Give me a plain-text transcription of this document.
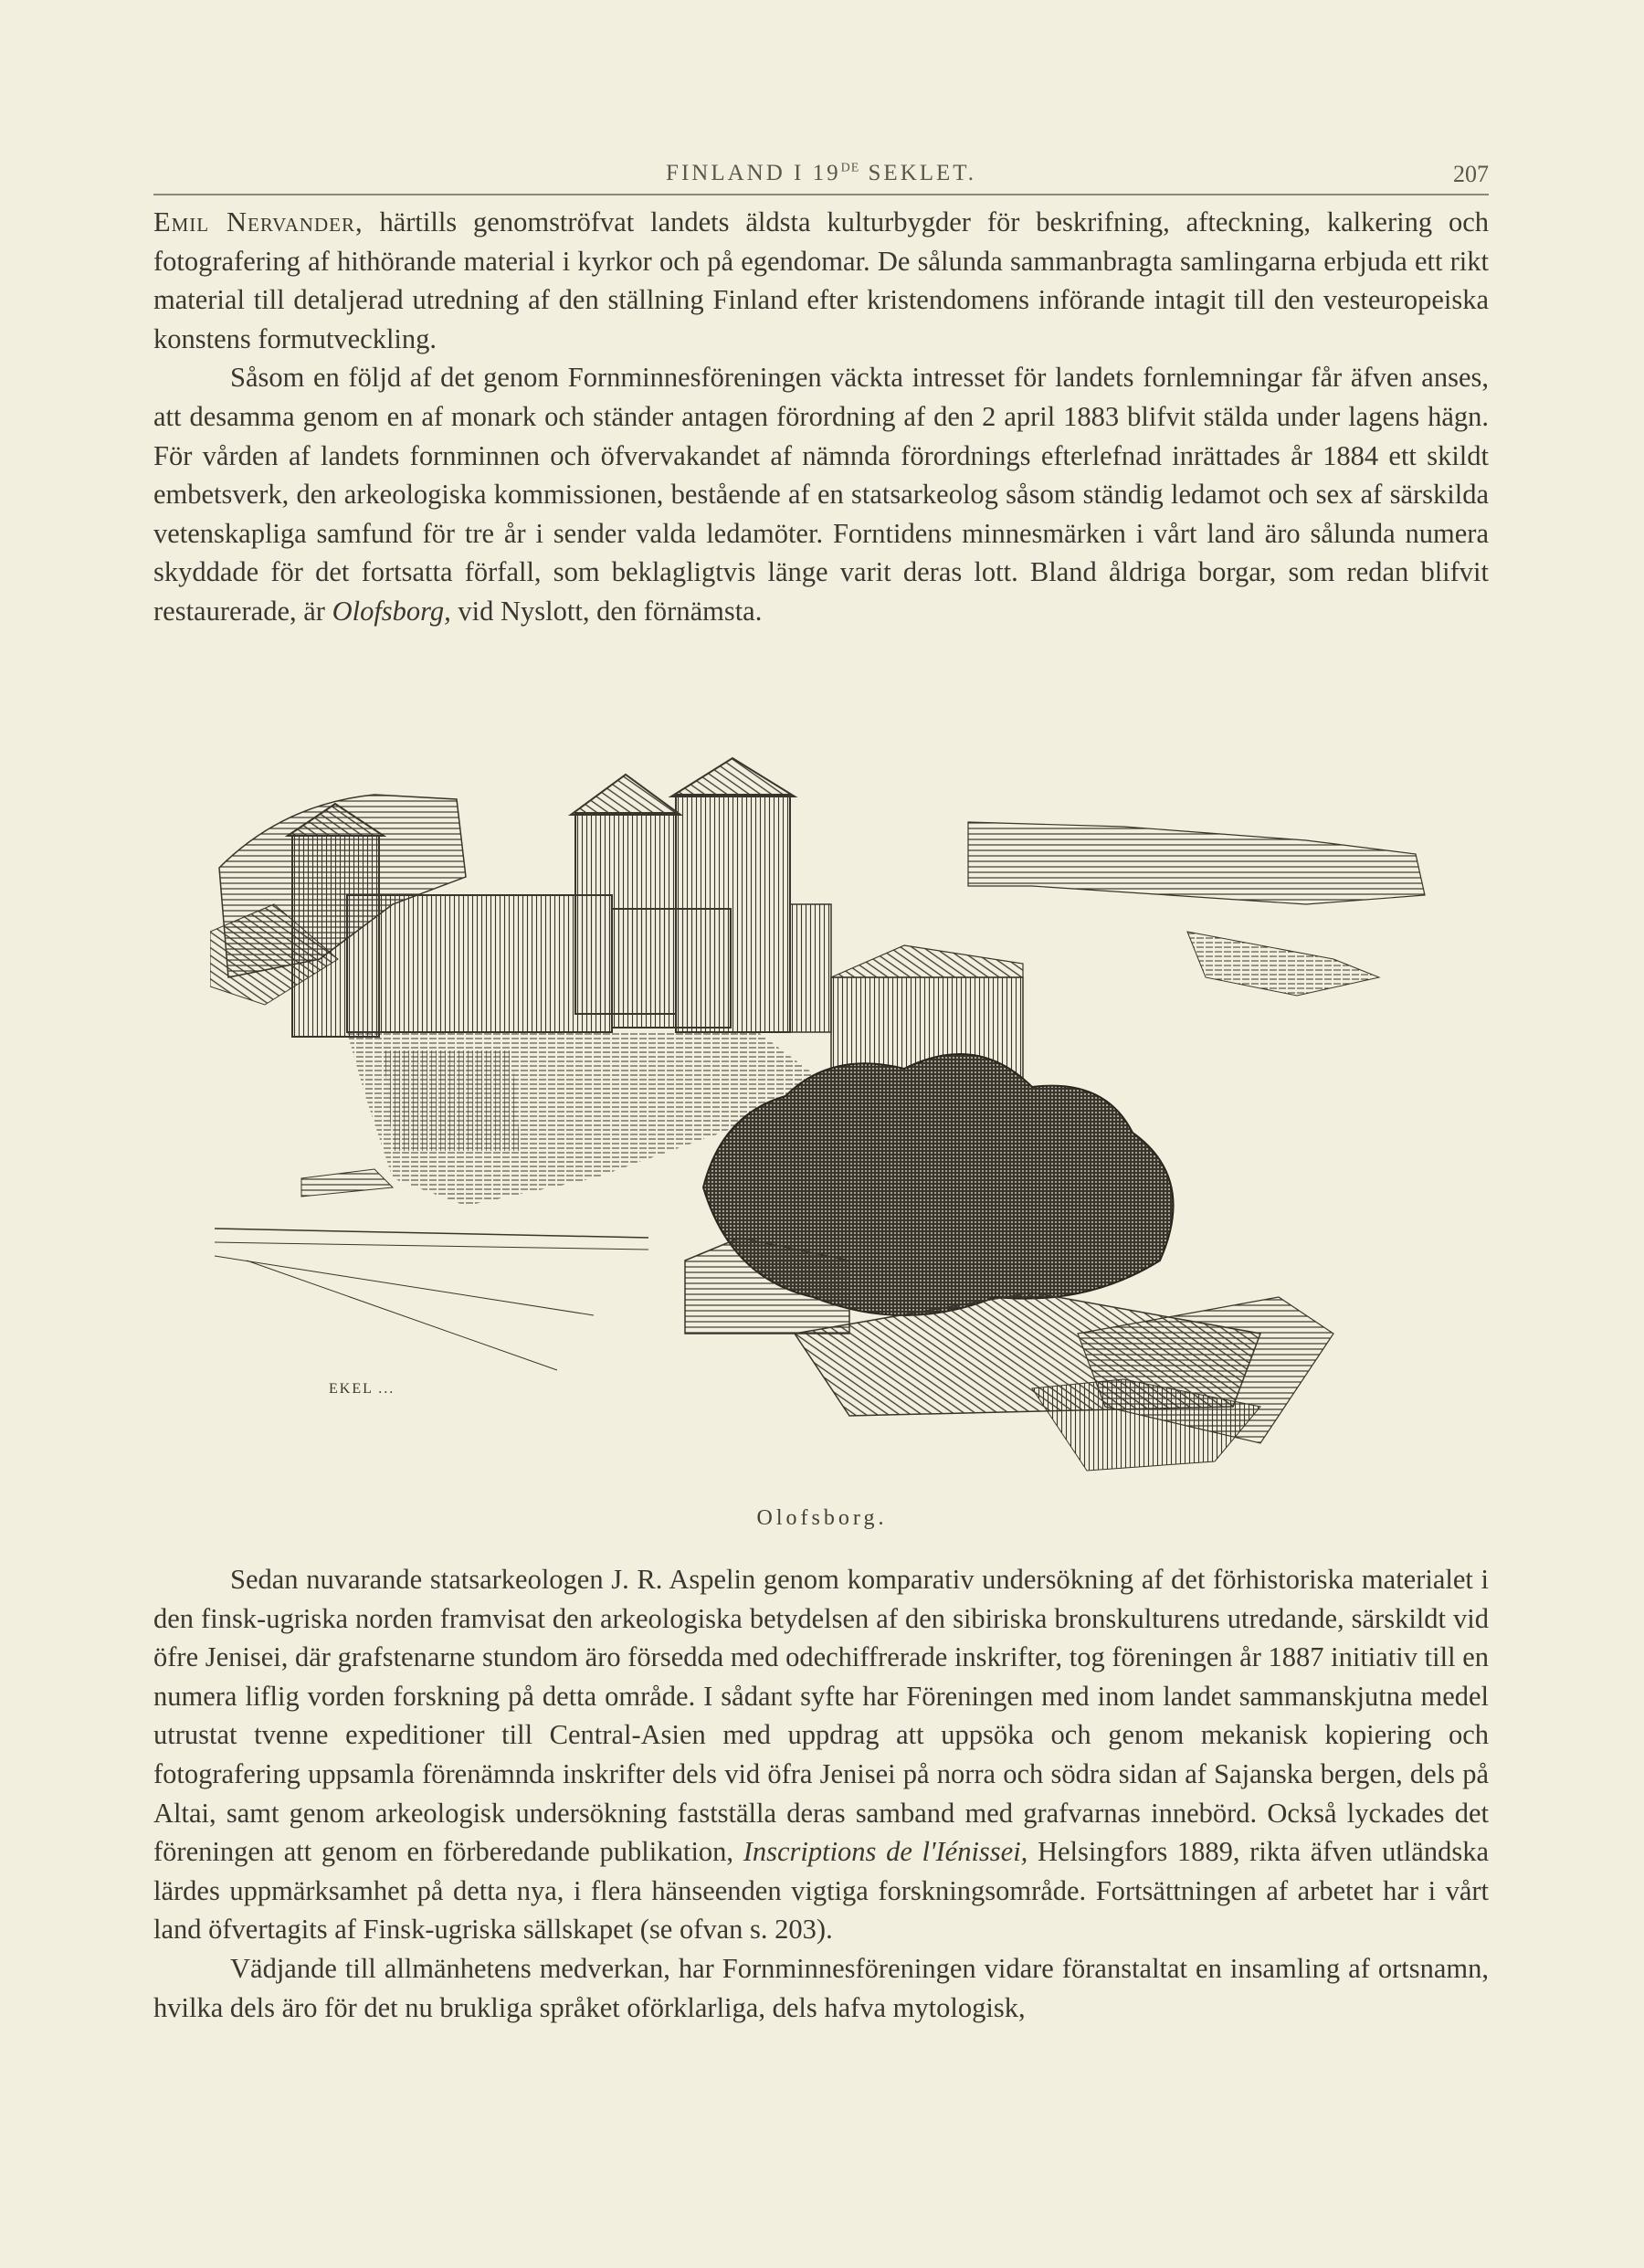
FINLAND I 19DE SEKLET.	207

Emil Nervander, härtills genomströfvat landets äldsta kulturbygder för beskrifning, afteckning, kalkering och fotografering af hithörande material i kyrkor och på egendomar. De sålunda sammanbragta samlingarna erbjuda ett rikt material till detaljerad utredning af den ställning Finland efter kristendomens införande intagit till den vesteuropeiska konstens formutveckling.

Såsom en följd af det genom Fornminnesföreningen väckta intresset för landets fornlemningar får äfven anses, att desamma genom en af monark och ständer antagen förordning af den 2 april 1883 blifvit stälda under lagens hägn. För vården af landets fornminnen och öfvervakandet af nämnda förordnings efterlefnad inrättades år 1884 ett skildt embetsverk, den arkeologiska kommissionen, bestående af en statsarkeolog såsom ständig ledamot och sex af särskilda vetenskapliga samfund för tre år i sender valda ledamöter. Forntidens minnesmärken i vårt land äro sålunda numera skyddade för det fortsatta förfall, som beklagligtvis länge varit deras lott. Bland åldriga borgar, som redan blifvit restaurerade, är Olofsborg, vid Nyslott, den förnämsta.

EKEL ...
Olofsborg.

Sedan nuvarande statsarkeologen J. R. Aspelin genom komparativ undersökning af det förhistoriska materialet i den finsk-ugriska norden framvisat den arkeologiska betydelsen af den sibiriska bronskulturens utredande, särskildt vid öfre Jenisei, där grafstenarne stundom äro försedda med odechiffrerade inskrifter, tog föreningen år 1887 initiativ till en numera liflig vorden forskning på detta område. I sådant syfte har Föreningen med inom landet sammanskjutna medel utrustat tvenne expeditioner till Central-Asien med uppdrag att uppsöka och genom mekanisk kopiering och fotografering uppsamla förenämnda inskrifter dels vid öfra Jenisei på norra och södra sidan af Sajanska bergen, dels på Altai, samt genom arkeologisk undersökning fastställa deras samband med grafvarnas innebörd. Också lyckades det föreningen att genom en förberedande publikation, Inscriptions de l'Iénissei, Helsingfors 1889, rikta äfven utländska lärdes uppmärksamhet på detta nya, i flera hänseenden vigtiga forskningsområde. Fortsättningen af arbetet har i vårt land öfvertagits af Finsk-ugriska sällskapet (se ofvan s. 203).

Vädjande till allmänhetens medverkan, har Fornminnesföreningen vidare föranstaltat en insamling af ortsnamn, hvilka dels äro för det nu brukliga språket oförklarliga, dels hafva mytologisk,
